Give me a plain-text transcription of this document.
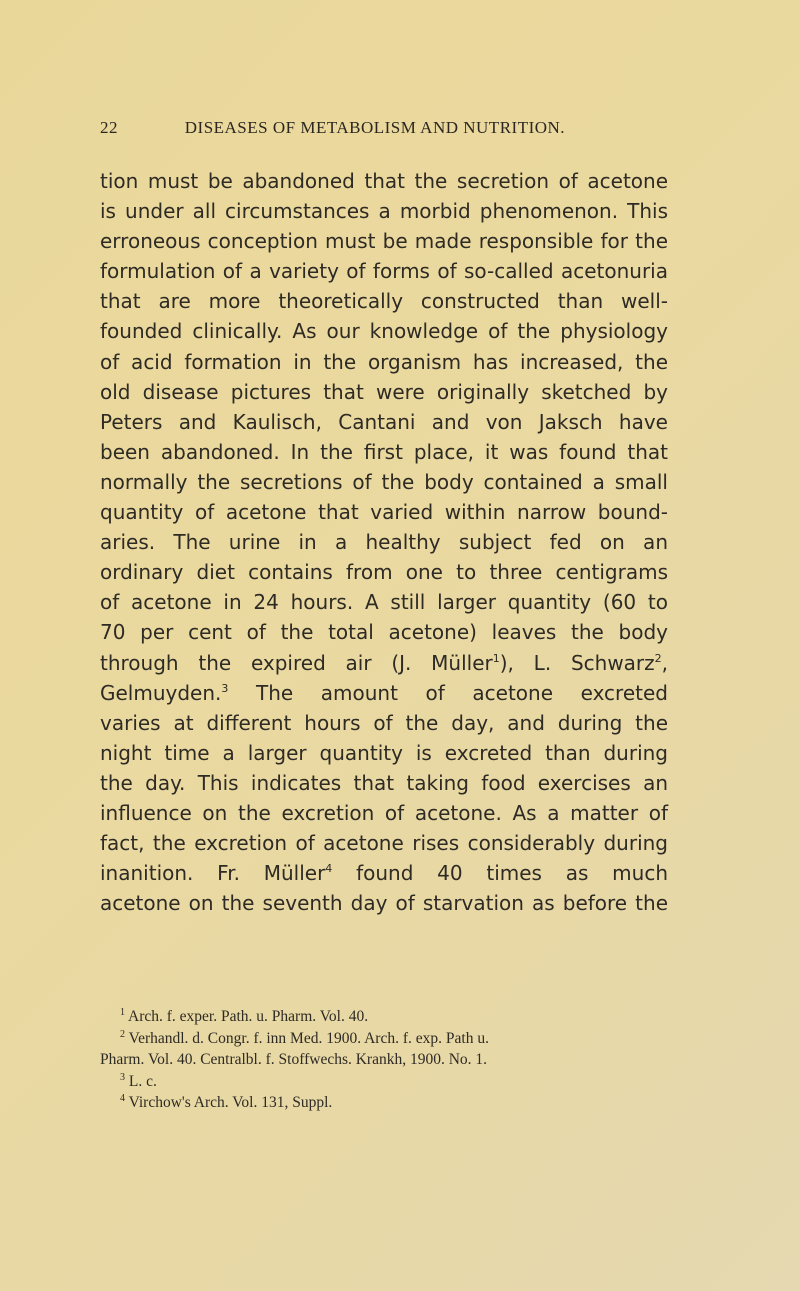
22	DISEASES OF METABOLISM AND NUTRITION.
tion must be abandoned that the secretion of acetone
is under all circumstances a morbid phenomenon. This
erroneous conception must be made responsible for the
formulation of a variety of forms of so-called acetonuria
that are more theoretically constructed than well-
founded clinically. As our knowledge of the physiology
of acid formation in the organism has increased, the
old disease pictures that were originally sketched by
Peters and Kaulisch, Cantani and von Jaksch have
been abandoned. In the first place, it was found that
normally the secretions of the body contained a small
quantity of acetone that varied within narrow bound-
aries. The urine in a healthy subject fed on an
ordinary diet contains from one to three centigrams
of acetone in 24 hours. A still larger quantity (60 to
70 per cent of the total acetone) leaves the body
through the expired air (J. Müller$^1$), L. Schwarz$^2$,
Gelmuyden.$^3$ The amount of acetone excreted
varies at different hours of the day, and during the
night time a larger quantity is excreted than during
the day. This indicates that taking food exercises an
influence on the excretion of acetone. As a matter of
fact, the excretion of acetone rises considerably during
inanition. Fr. Müller$^4$ found 40 times as much
acetone on the seventh day of starvation as before the
$^1$ Arch. f. exper. Path. u. Pharm. Vol. 40.
$^2$ Verhandl. d. Congr. f. inn Med. 1900. Arch. f. exp. Path u.
Pharm. Vol. 40. Centralbl. f. Stoffwechs. Krankh, 1900. No. 1.
$^3$ L. c.
$^4$ Virchow's Arch. Vol. 131, Suppl.
